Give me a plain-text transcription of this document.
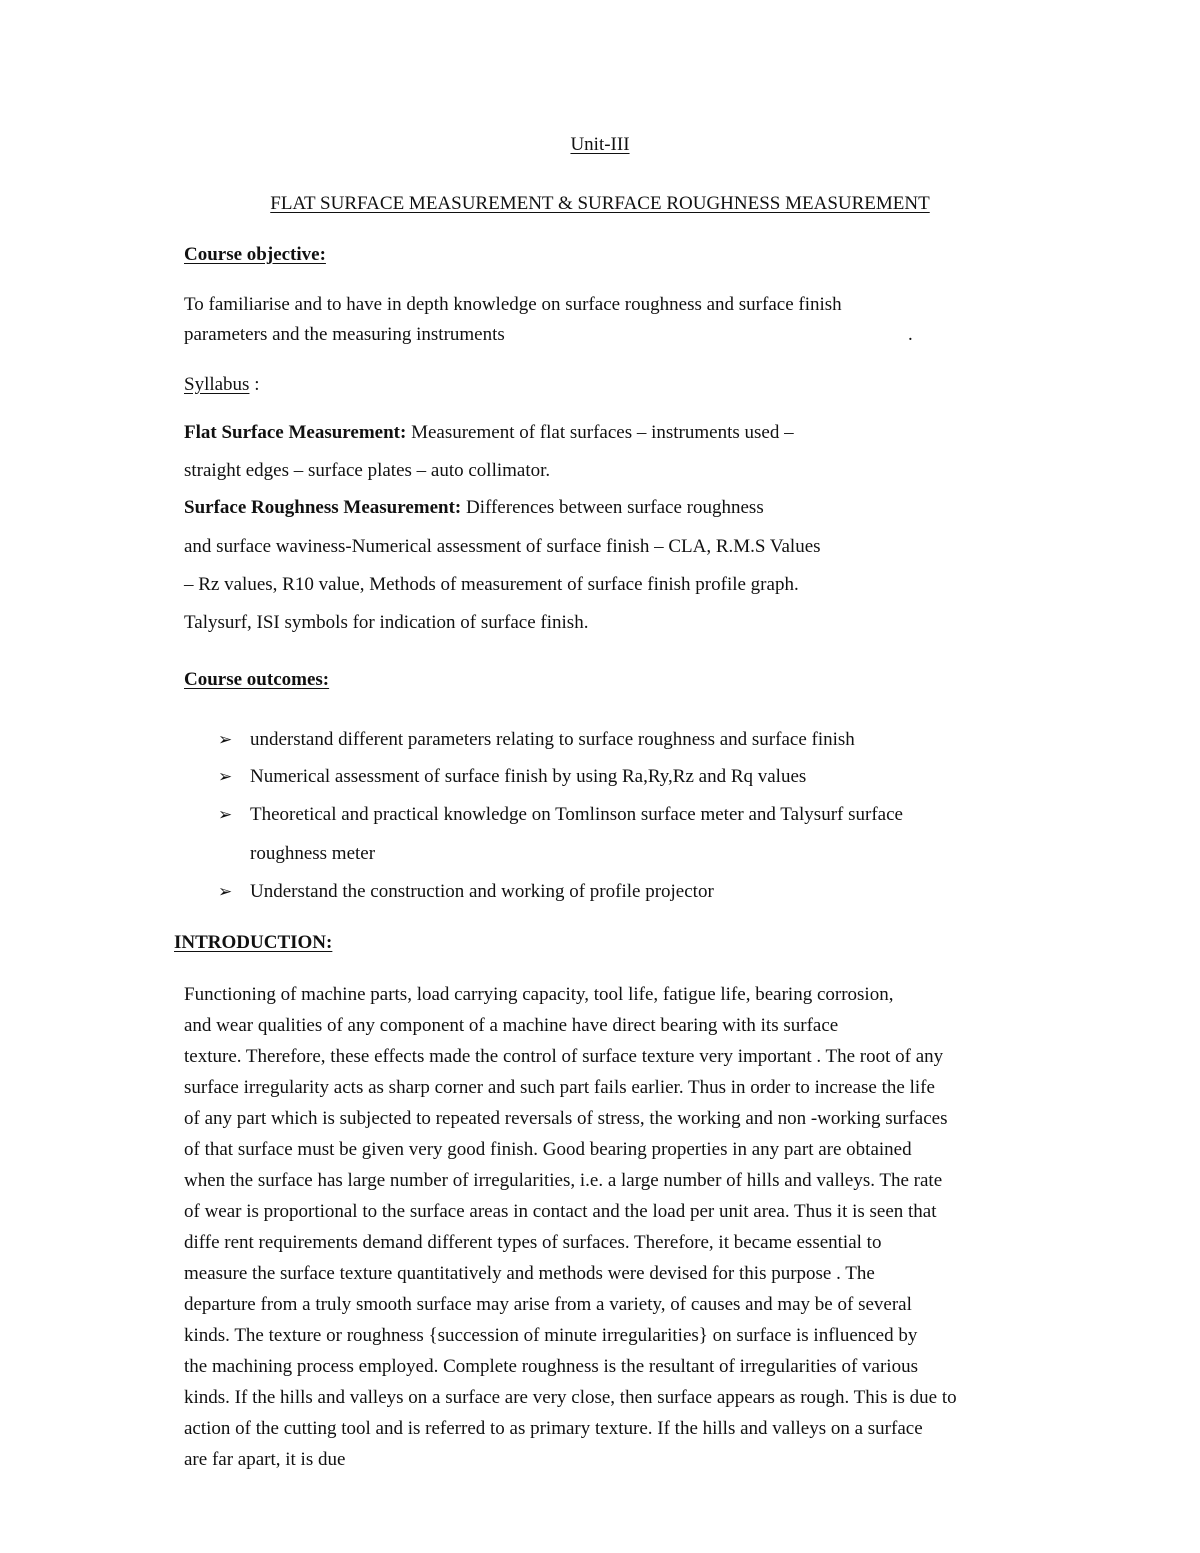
Unit-III
FLAT SURFACE MEASUREMENT & SURFACE ROUGHNESS MEASUREMENT
Course objective:
To familiarise and to have in depth knowledge on surface roughness and surface finish
parameters and the measuring instruments	.
Syllabus :
Flat Surface Measurement: Measurement of flat surfaces – instruments used –
straight edges – surface plates – auto collimator.
Surface Roughness Measurement: Differences between surface roughness
and surface waviness-Numerical assessment of surface finish – CLA, R.M.S Values
– Rz values, R10 value, Methods of measurement of surface finish profile graph.
Talysurf, ISI symbols for indication of surface finish.
Course outcomes:
➢ understand different parameters relating to surface roughness and surface finish
➢ Numerical assessment of surface finish by using Ra,Ry,Rz and Rq values
➢ Theoretical and practical knowledge on Tomlinson surface meter and Talysurf surface
roughness meter
➢ Understand the construction and working of profile projector
INTRODUCTION:
Functioning of machine parts, load carrying capacity, tool life, fatigue life, bearing corrosion,
and wear qualities of any component of a machine have direct bearing with its surface
texture. Therefore, these effects made the control of surface texture very important . The root of any
surface irregularity acts as sharp corner and such part fails earlier. Thus in order to increase the life
of any part which is subjected to repeated reversals of stress, the working and non -working surfaces
of that surface must be given very good finish. Good bearing properties in any part are obtained
when the surface has large number of irregularities, i.e. a large number of hills and valleys. The rate
of wear is proportional to the surface areas in contact and the load per unit area. Thus it is seen that
diffe rent requirements demand different types of surfaces. Therefore, it became essential to
measure the surface texture quantitatively and methods were devised for this purpose . The
departure from a truly smooth surface may arise from a variety, of causes and may be of several
kinds. The texture or roughness {succession of minute irregularities} on surface is influenced by
the machining process employed. Complete roughness is the resultant of irregularities of various
kinds. If the hills and valleys on a surface are very close, then surface appears as rough. This is due to
action of the cutting tool and is referred to as primary texture. If the hills and valleys on a surface
are far apart, it is due
